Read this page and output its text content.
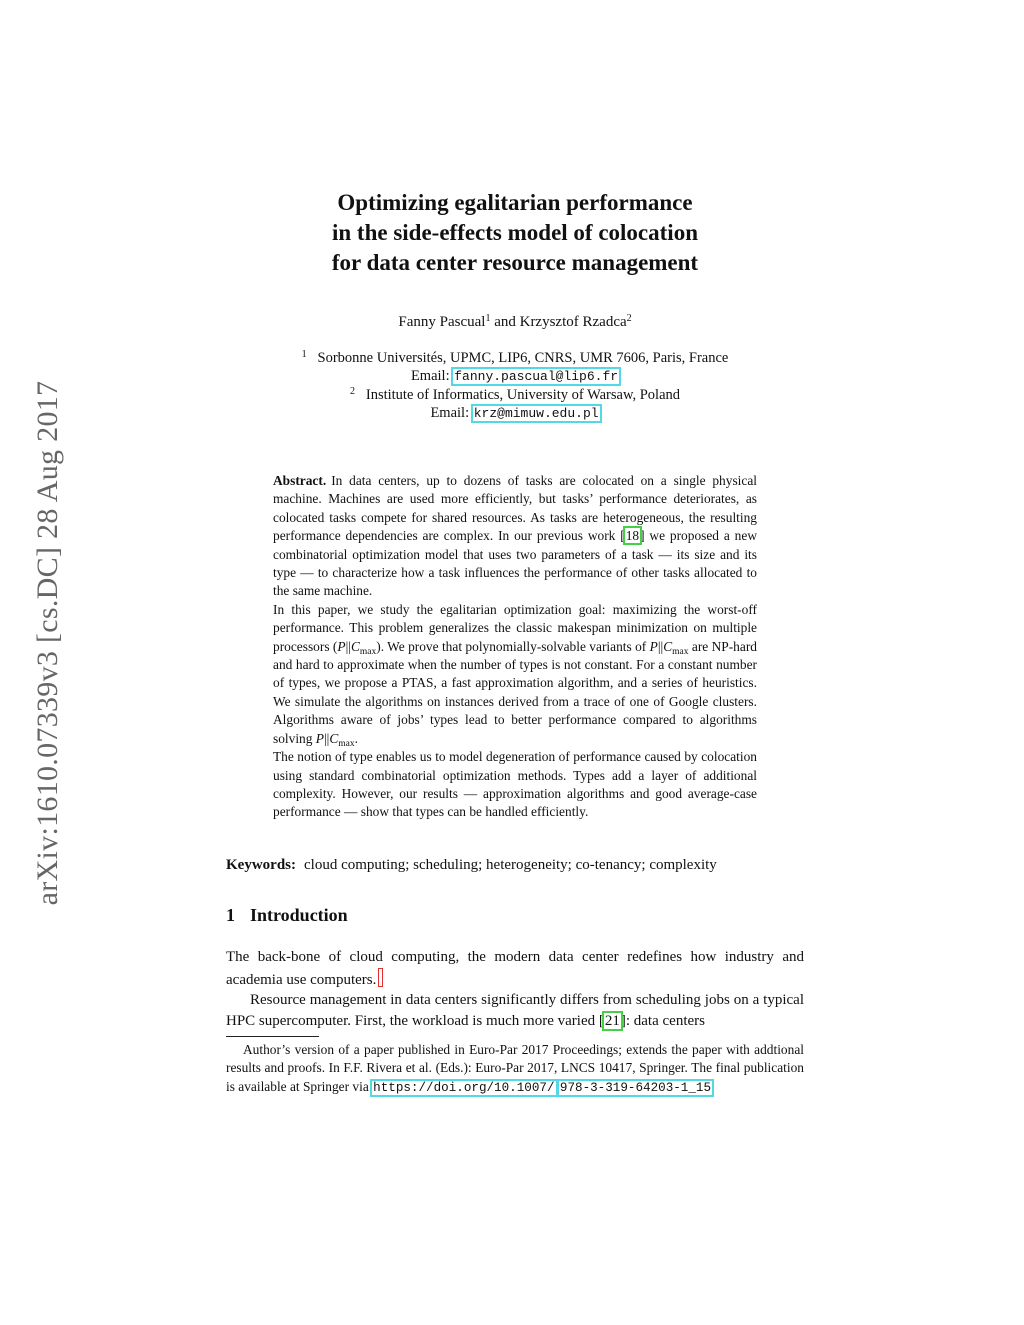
arXiv:1610.07339v3 [cs.DC] 28 Aug 2017
Optimizing egalitarian performance
in the side-effects model of colocation
for data center resource management
Fanny Pascual$^1$ and Krzysztof Rzadca$^2$
$^1$ Sorbonne Universités, UPMC, LIP6, CNRS, UMR 7606, Paris, France
Email: fanny.pascual@lip6.fr
$^2$ Institute of Informatics, University of Warsaw, Poland
Email: krz@mimuw.edu.pl

Abstract. In data centers, up to dozens of tasks are colocated on a single physical machine. Machines are used more efficiently, but tasks’ performance deteriorates, as colocated tasks compete for shared resources. As tasks are heterogeneous, the resulting performance dependencies are complex. In our previous work [18] we proposed a new combinatorial optimization model that uses two parameters of a task — its size and its type — to characterize how a task influences the performance of other tasks allocated to the same machine.

In this paper, we study the egalitarian optimization goal: maximizing the worst-off performance. This problem generalizes the classic makespan minimization on multiple processors $(P||C_{max})$. We prove that polynomially-solvable variants of $P||C_{max}$ are NP-hard and hard to approximate when the number of types is not constant. For a constant number of types, we propose a PTAS, a fast approximation algorithm, and a series of heuristics. We simulate the algorithms on instances derived from a trace of one of Google clusters. Algorithms aware of jobs’ types lead to better performance compared to algorithms solving $P||C_{max}$.

The notion of type enables us to model degeneration of performance caused by colocation using standard combinatorial optimization methods. Types add a layer of additional complexity. However, our results — approximation algorithms and good average-case performance — show that types can be handled efficiently.

Keywords: cloud computing; scheduling; heterogeneity; co-tenancy; complexity
1 Introduction

The back-bone of cloud computing, the modern data center redefines how industry and academia use computers.

Resource management in data centers significantly differs from scheduling jobs on a typical HPC supercomputer. First, the workload is much more varied [21]: data centers

Author’s version of a paper published in Euro-Par 2017 Proceedings; extends the paper with addtional results and proofs. In F.F. Rivera et al. (Eds.): Euro-Par 2017, LNCS 10417, Springer. The final publication is available at Springer via https://doi.org/10.1007/ 978-3-319-64203-1_15
